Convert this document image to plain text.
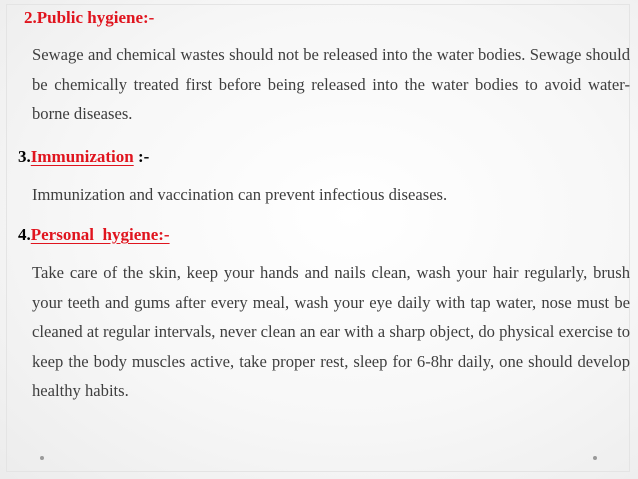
2.Public hygiene:-

Sewage and chemical wastes should not be released into the water bodies. Sewage should be chemically treated first before being released into the water bodies to avoid water-borne diseases.

3.Immunization :-

Immunization and vaccination can prevent infectious diseases.

4.Personal  hygiene:-

Take care of the skin, keep your hands and nails clean, wash your hair regularly, brush your teeth and gums after every meal, wash your eye daily with tap water, nose must be cleaned at regular intervals, never clean an ear with a sharp object, do physical exercise to keep the body muscles active, take proper rest, sleep for 6-8hr daily, one should develop healthy habits.
